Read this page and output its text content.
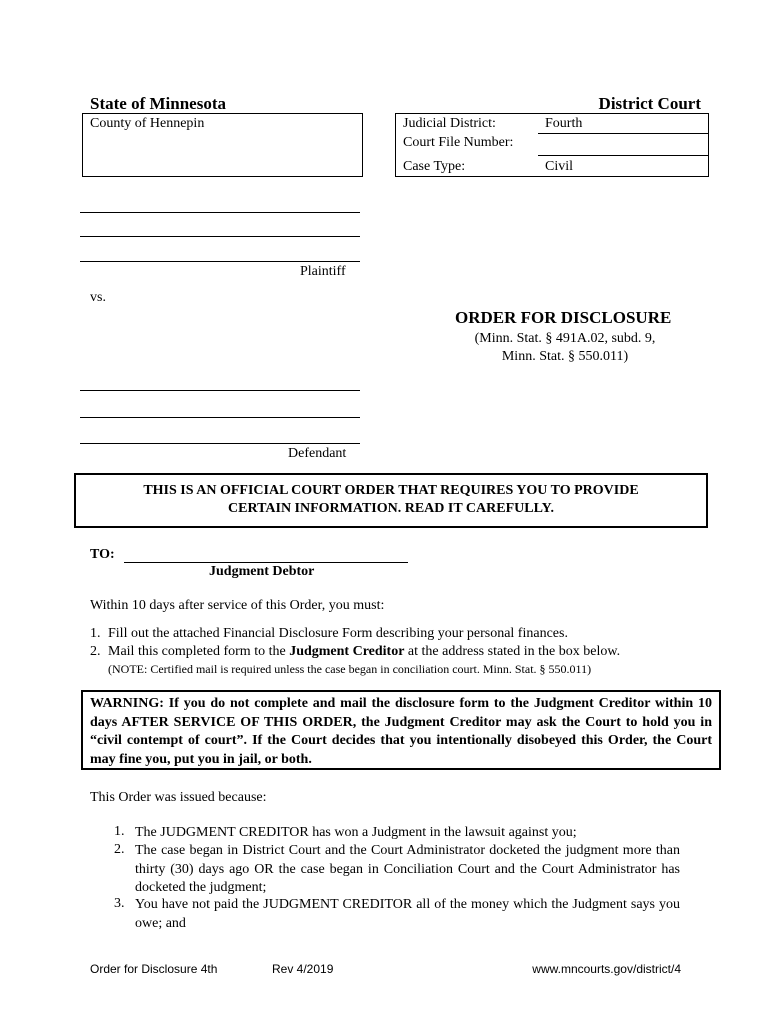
State of Minnesota	District Court
County of Hennepin	Judicial District:	Fourth
Court File Number:
Case Type:	Civil
Plaintiff
vs.
ORDER FOR DISCLOSURE
(Minn. Stat. § 491A.02, subd. 9,
Minn. Stat. § 550.011)
Defendant
THIS IS AN OFFICIAL COURT ORDER THAT REQUIRES YOU TO PROVIDE
CERTAIN INFORMATION. READ IT CAREFULLY.
TO:
Judgment Debtor
Within 10 days after service of this Order, you must:
1. Fill out the attached Financial Disclosure Form describing your personal finances.
2. Mail this completed form to the Judgment Creditor at the address stated in the box below.
(NOTE: Certified mail is required unless the case began in conciliation court. Minn. Stat. § 550.011)
WARNING: If you do not complete and mail the disclosure form to the Judgment Creditor within 10 days AFTER SERVICE OF THIS ORDER, the Judgment Creditor may ask the Court to hold you in “civil contempt of court”. If the Court decides that you intentionally disobeyed this Order, the Court may fine you, put you in jail, or both.
This Order was issued because:
1. The JUDGMENT CREDITOR has won a Judgment in the lawsuit against you;
2. The case began in District Court and the Court Administrator docketed the judgment more than thirty (30) days ago OR the case began in Conciliation Court and the Court Administrator has docketed the judgment;
3. You have not paid the JUDGMENT CREDITOR all of the money which the Judgment says you owe; and
Order for Disclosure 4th	Rev 4/2019	www.mncourts.gov/district/4
